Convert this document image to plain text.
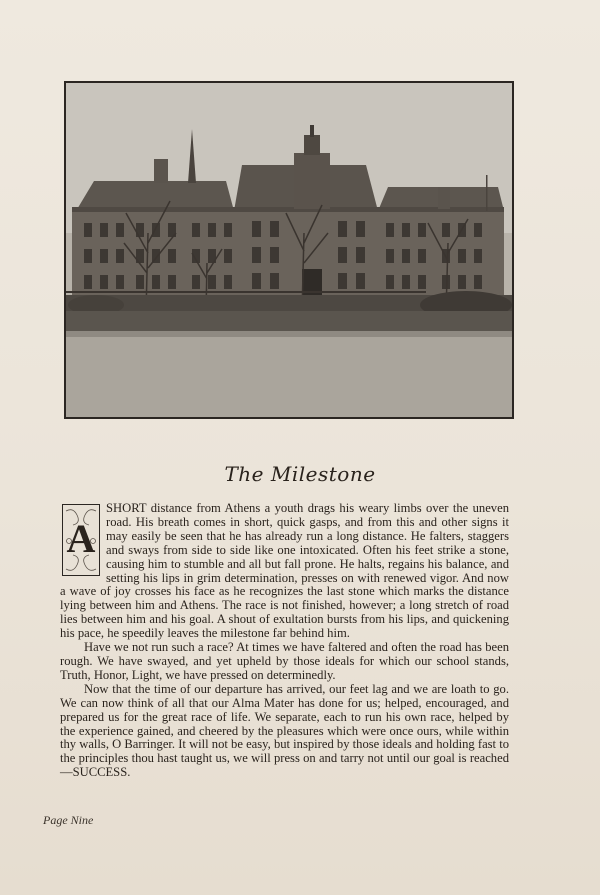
The Milestone

A
SHORT distance from Athens a youth drags his weary limbs over the uneven road. His breath comes in short, quick gasps, and from this and other signs it may easily be seen that he has already run a long distance. He falters, staggers and sways from side to side like one intoxicated. Often his feet strike a stone, causing him to stumble and all but fall prone. He halts, regains his balance, and setting his lips in grim determination, presses on with renewed vigor. And now a wave of joy crosses his face as he recognizes the last stone which marks the distance lying between him and Athens. The race is not finished, however; a long stretch of road lies between him and his goal. A shout of exultation bursts from his lips, and quickening his pace, he speedily leaves the milestone far behind him.

Have we not run such a race? At times we have faltered and often the road has been rough. We have swayed, and yet upheld by those ideals for which our school stands, Truth, Honor, Light, we have pressed on determinedly.

Now that the time of our departure has arrived, our feet lag and we are loath to go. We can now think of all that our Alma Mater has done for us; helped, encouraged, and prepared us for the great race of life. We separate, each to run his own race, helped by the experience gained, and cheered by the pleasures which were once ours, while within thy walls, O Barringer. It will not be easy, but inspired by those ideals and holding fast to the principles thou hast taught us, we will press on and tarry not until our goal is reached—SUCCESS.

Page Nine
